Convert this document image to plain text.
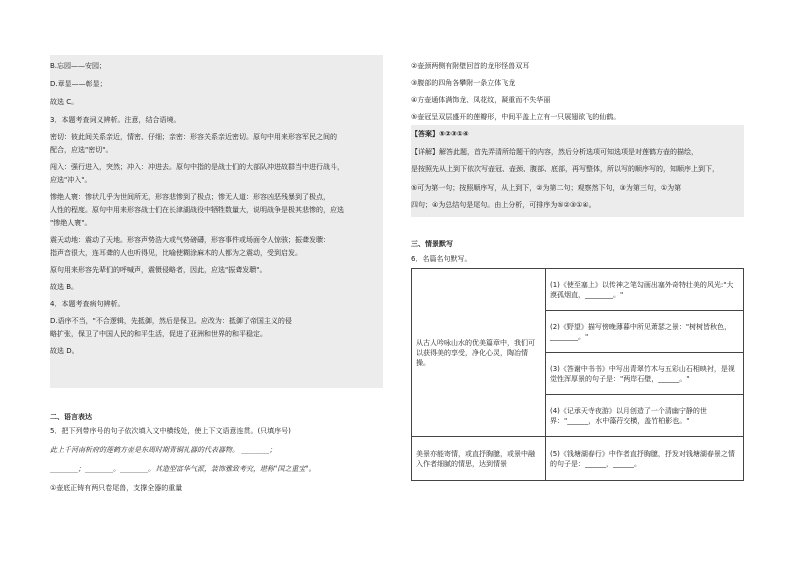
B.忘园——安园；
D.章显——彰显；
故选 C。
3．本题考查词义辨析。注意，结合语境。
密切：彼此间关系亲近，情密、仔细；亲密：形容关系亲近密切。原句中用来形容军民之间的
配合，应选"密切"。
闯入：强行进入，突然；冲入：冲进去。原句中指的是战士们的大部队冲进故群当中进行战斗，
应选"冲入"。
惨绝人寰：惨状几乎为世间所无，形容悲惨到了极点；惨无人道：形容凶恶残暴到了极点，
人性的程度。原句中用来形容战士们在长津湖战役中牺牲数量大，说明战争是极其悲惨的，应选
"惨绝人寰"。
震天动地：震动了天地。形容声势浩大或气势磅礴，形容事件或场面令人惊骇；振聋发聩：
指声音很大，连耳聋的人也听得见，比喻使糊涂麻木的人都为之震动，受到启发。
原句用来形容先辈们的呼喊声，震慑侵略者，因此，应选"振聋发聩"。
故选 B。
4．本题考查病句辨析。
D.语序不当，"不合逻辑，先抵御，然后是保卫。应改为：抵御了帝国主义的侵
略扩张，保卫了中国人民的和平生活，促进了亚洲和世界的和平稳定。
故选 D。
二、语言表达
5．把下列带序号的句子依次填入文中横线处，使上下文语意连贯。(只填序号)
此上千河南析府的莲鹤方壶是东周时期青铜礼器的代表器物。 ________；
________；________。________。其造型富华气派，装饰雅致考究，堪称"国之重宝"。
①壶底正铸有两只卷尾兽，支撑全器的重量
②壶颈两侧有附壁回首的龙形怪兽双耳
③腹部的四角各攀附一条立体飞龙
④方壶通体满饰龙、凤花纹，凝重而不失华丽
⑤壶冠呈双层盛开的莲瓣形，中间平盖上立有一只展翅欲飞的仙鹤。
【答案】⑤②③①④
【详解】解答此题，首先弄清所给题干的内容，然后分析选项可知选项是对莲鹤方壶的描绘，
是按照先从上到下依次写壶冠、壶颈、腹部、底部，再写整体，所以写的顺序写的，知顺序上到下，
⑤可为第一句；按照顺序写，从上到下，②为第二句；观察然下句，③为第三句，①为第
四句；④为总结句是尾句。由上分析，可排序为⑤②③①④。
三、情景默写
6．名篇名句默写。
从古人吟咏山水的优美篇章中，我们可以获得美的享受，净化心灵，陶冶情操。	(1)《使至塞上》以传神之笔勾画出塞外奇特壮美的风光:"大漠孤烟直，________。"
	(2)《野望》描写傍晚薄暮中所见萧瑟之景："树树皆秋色，________。"
	(3)《答谢中书书》中写出青翠竹木与五彩山石相映衬，是视觉性浑厚景的句子是："两岸石壁，______。"
	(4)《记承天寺夜游》以月创造了一个清幽宁静的世界："______，水中藻荇交横，盖竹柏影也。"
美景亦能寄情，或直抒胸臆，或景中融入作者细腻的情思，达到情景	(5)《钱塘湖春行》中作者直抒胸臆，抒发对钱塘湖春景之情的句子是：______，______。
